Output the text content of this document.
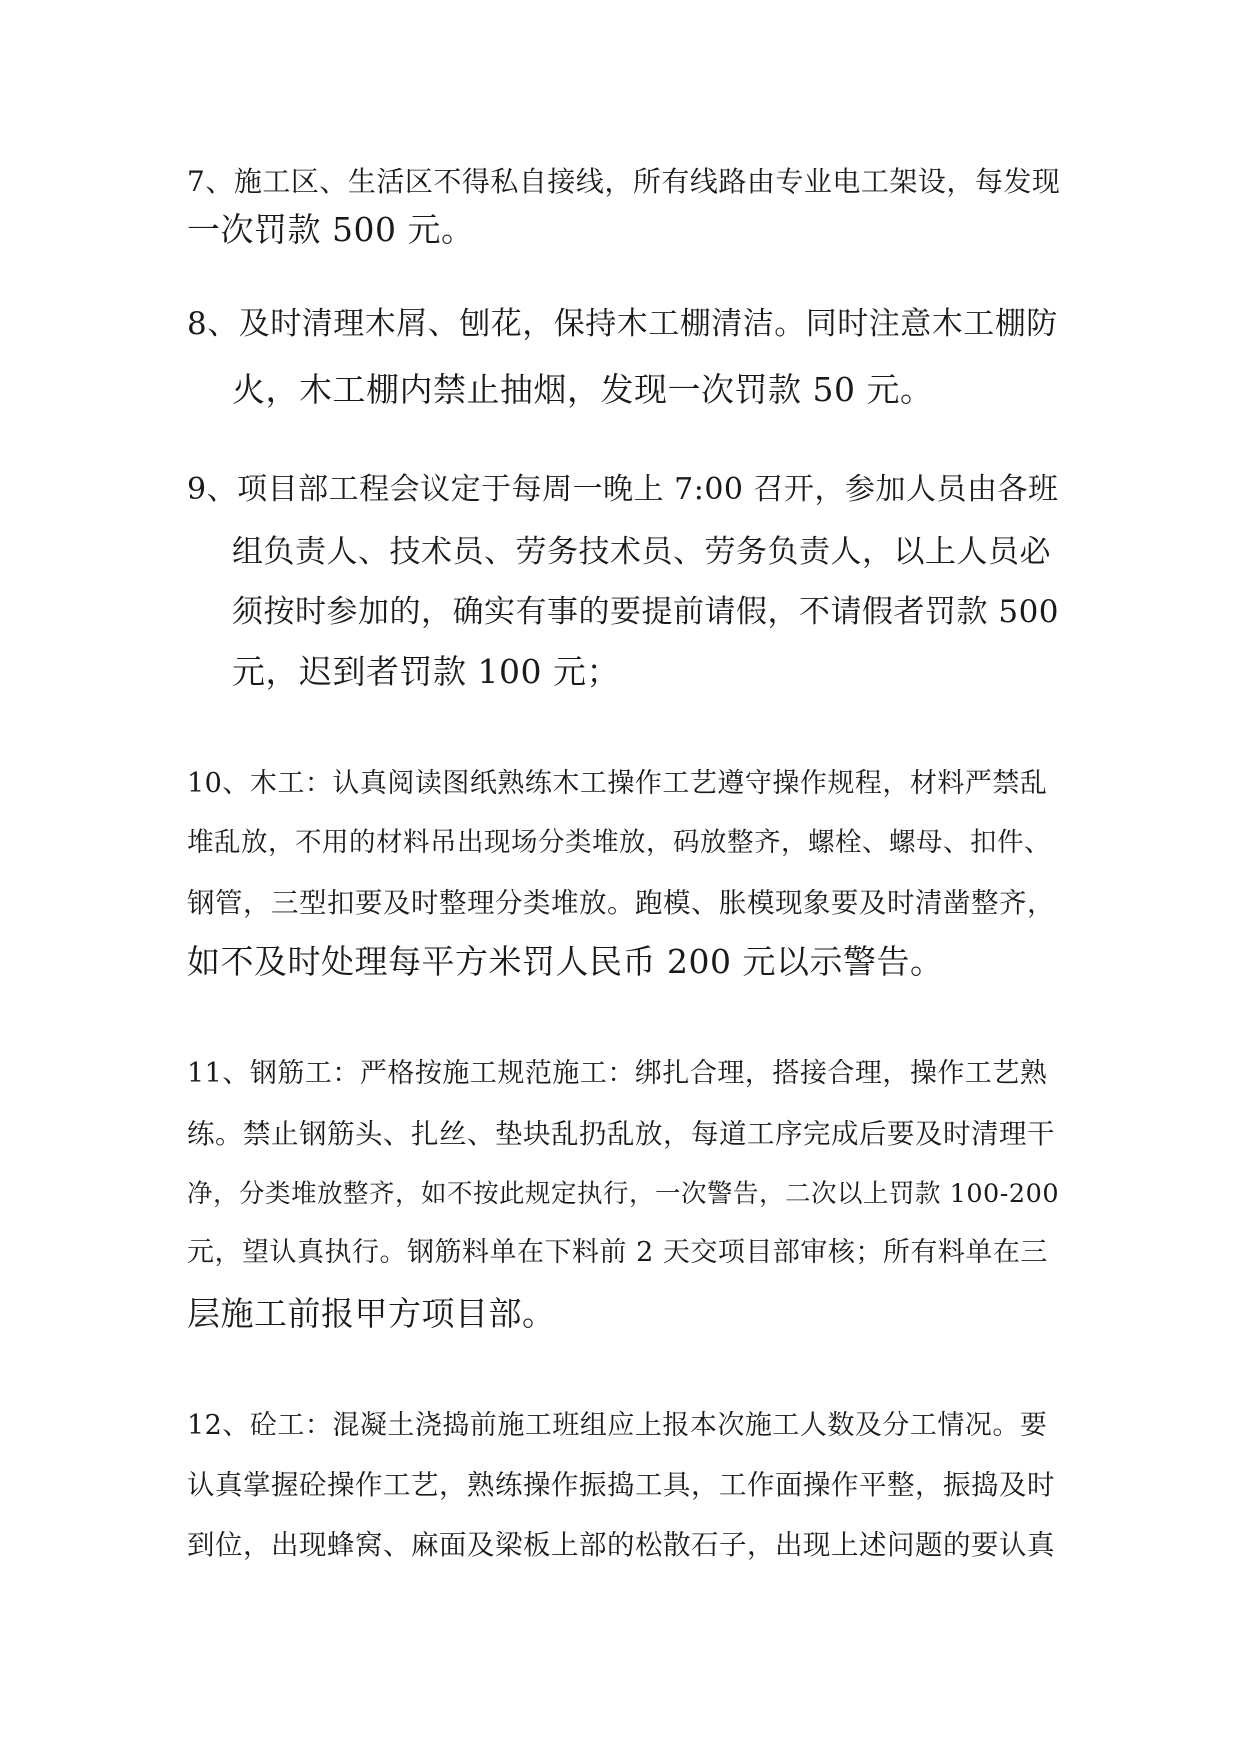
7、施工区、生活区不得私自接线，所有线路由专业电工架设，每发现
一次罚款 500 元。
8、及时清理木屑、刨花，保持木工棚清洁。同时注意木工棚防
火，木工棚内禁止抽烟，发现一次罚款 50 元。
9、项目部工程会议定于每周一晚上 7:00 召开，参加人员由各班
组负责人、技术员、劳务技术员、劳务负责人，以上人员必
须按时参加的，确实有事的要提前请假，不请假者罚款 500
元，迟到者罚款 100 元；
10、木工：认真阅读图纸熟练木工操作工艺遵守操作规程，材料严禁乱
堆乱放，不用的材料吊出现场分类堆放，码放整齐，螺栓、螺母、扣件、
钢管，三型扣要及时整理分类堆放。跑模、胀模现象要及时清凿整齐，
如不及时处理每平方米罚人民币 200 元以示警告。
11、钢筋工：严格按施工规范施工：绑扎合理，搭接合理，操作工艺熟
练。禁止钢筋头、扎丝、垫块乱扔乱放，每道工序完成后要及时清理干
净，分类堆放整齐，如不按此规定执行，一次警告，二次以上罚款 100-200
元，望认真执行。钢筋料单在下料前 2 天交项目部审核；所有料单在三
层施工前报甲方项目部。
12、砼工：混凝土浇捣前施工班组应上报本次施工人数及分工情况。要
认真掌握砼操作工艺，熟练操作振捣工具，工作面操作平整，振捣及时
到位，出现蜂窝、麻面及梁板上部的松散石子，出现上述问题的要认真
